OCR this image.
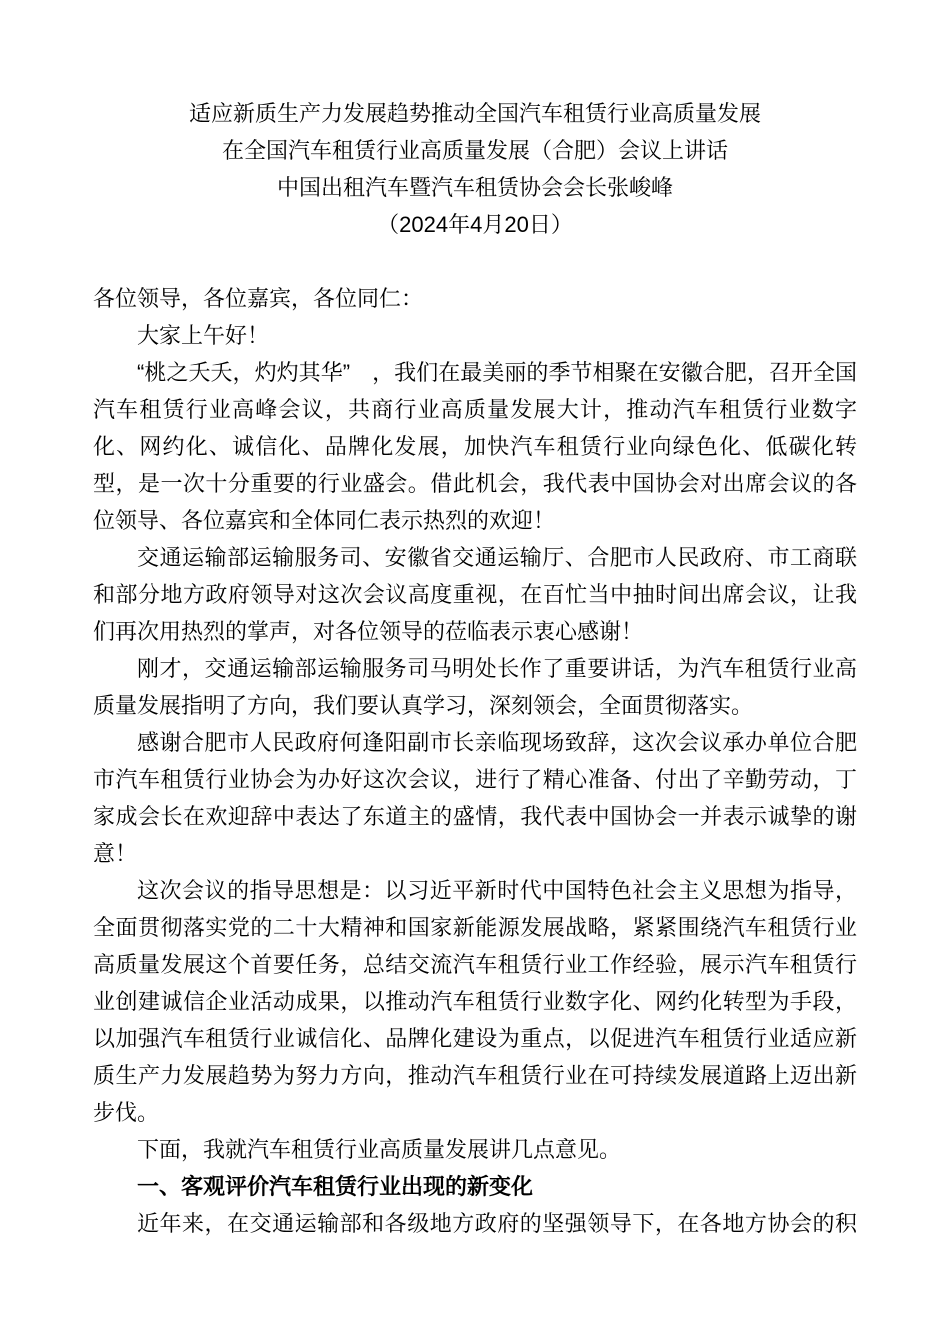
适应新质生产力发展趋势推动全国汽车租赁行业高质量发展
在全国汽车租赁行业高质量发展（合肥）会议上讲话
中国出租汽车暨汽车租赁协会会长张峻峰
（2024年4月20日）

各位领导，各位嘉宾，各位同仁：

大家上午好！

“桃之夭夭，灼灼其华”　，我们在最美丽的季节相聚在安徽合肥，召开全国汽车租赁行业高峰会议，共商行业高质量发展大计，推动汽车租赁行业数字化、网约化、诚信化、品牌化发展，加快汽车租赁行业向绿色化、低碳化转型，是一次十分重要的行业盛会。借此机会，我代表中国协会对出席会议的各位领导、各位嘉宾和全体同仁表示热烈的欢迎！

交通运输部运输服务司、安徽省交通运输厅、合肥市人民政府、市工商联和部分地方政府领导对这次会议高度重视，在百忙当中抽时间出席会议，让我们再次用热烈的掌声，对各位领导的莅临表示衷心感谢！

刚才，交通运输部运输服务司马明处长作了重要讲话，为汽车租赁行业高质量发展指明了方向，我们要认真学习，深刻领会，全面贯彻落实。

感谢合肥市人民政府何逢阳副市长亲临现场致辞，这次会议承办单位合肥市汽车租赁行业协会为办好这次会议，进行了精心准备、付出了辛勤劳动，丁家成会长在欢迎辞中表达了东道主的盛情，我代表中国协会一并表示诚挚的谢意！

这次会议的指导思想是：以习近平新时代中国特色社会主义思想为指导，全面贯彻落实党的二十大精神和国家新能源发展战略，紧紧围绕汽车租赁行业高质量发展这个首要任务，总结交流汽车租赁行业工作经验，展示汽车租赁行业创建诚信企业活动成果，以推动汽车租赁行业数字化、网约化转型为手段，以加强汽车租赁行业诚信化、品牌化建设为重点，以促进汽车租赁行业适应新质生产力发展趋势为努力方向，推动汽车租赁行业在可持续发展道路上迈出新步伐。

下面，我就汽车租赁行业高质量发展讲几点意见。

一、客观评价汽车租赁行业出现的新变化

近年来，在交通运输部和各级地方政府的坚强领导下，在各地方协会的积
